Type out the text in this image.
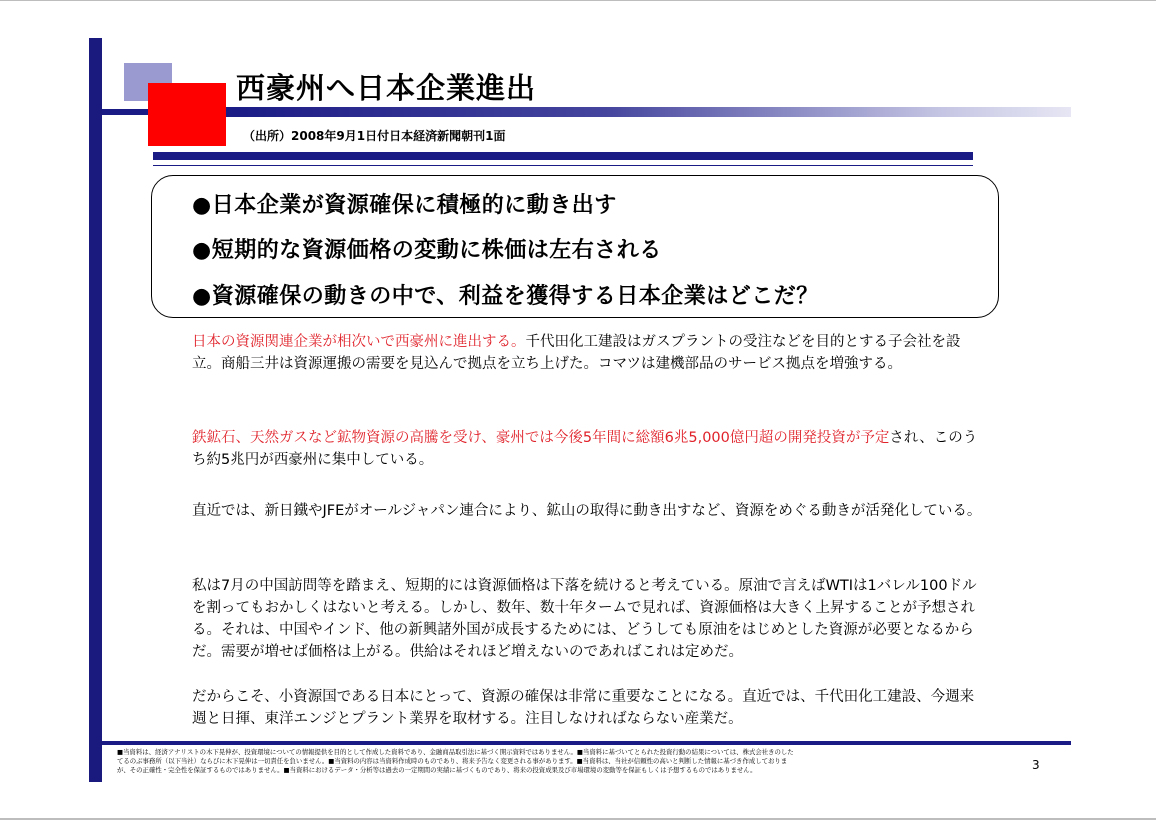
西豪州へ日本企業進出
（出所）2008年9月1日付日本経済新聞朝刊1面
●日本企業が資源確保に積極的に動き出す
●短期的な資源価格の変動に株価は左右される
●資源確保の動きの中で、利益を獲得する日本企業はどこだ？
日本の資源関連企業が相次いで西豪州に進出する。千代田化工建設はガスプラントの受注などを目的とする子会社を設立。商船三井は資源運搬の需要を見込んで拠点を立ち上げた。コマツは建機部品のサービス拠点を増強する。
鉄鉱石、天然ガスなど鉱物資源の高騰を受け、豪州では今後5年間に総額6兆5,000億円超の開発投資が予定され、このうち約5兆円が西豪州に集中している。
直近では、新日鐵やJFEがオールジャパン連合により、鉱山の取得に動き出すなど、資源をめぐる動きが活発化している。
私は7月の中国訪問等を踏まえ、短期的には資源価格は下落を続けると考えている。原油で言えばWTIは1バレル100ドルを割ってもおかしくはないと考える。しかし、数年、数十年タームで見れば、資源価格は大きく上昇することが予想される。それは、中国やインド、他の新興諸外国が成長するためには、どうしても原油をはじめとした資源が必要となるからだ。需要が増せば価格は上がる。供給はそれほど増えないのであればこれは定めだ。
だからこそ、小資源国である日本にとって、資源の確保は非常に重要なことになる。直近では、千代田化工建設、今週来週と日揮、東洋エンジとプラント業界を取材する。注目しなければならない産業だ。
■当資料は、経済アナリストの木下晃伸が、投資環境についての情報提供を目的として作成した資料であり、金融商品取引法に基づく開示資料ではありません。■当資料に基づいてとられた投資行動の結果については、株式会社きのした
てるのぶ事務所（以下当社）ならびに木下晃伸は一切責任を負いません。■当資料の内容は当資料作成時のものであり、将来予告なく変更される事があります。■当資料は、当社が信頼性の高いと判断した情報に基づき作成しておりま
が、その正確性・完全性を保証するものではありません。■当資料におけるデータ・分析等は過去の一定期間の実績に基づくものであり、将来の投資成果及び市場環境の変動等を保証もしくは予想するものではありません。	3
